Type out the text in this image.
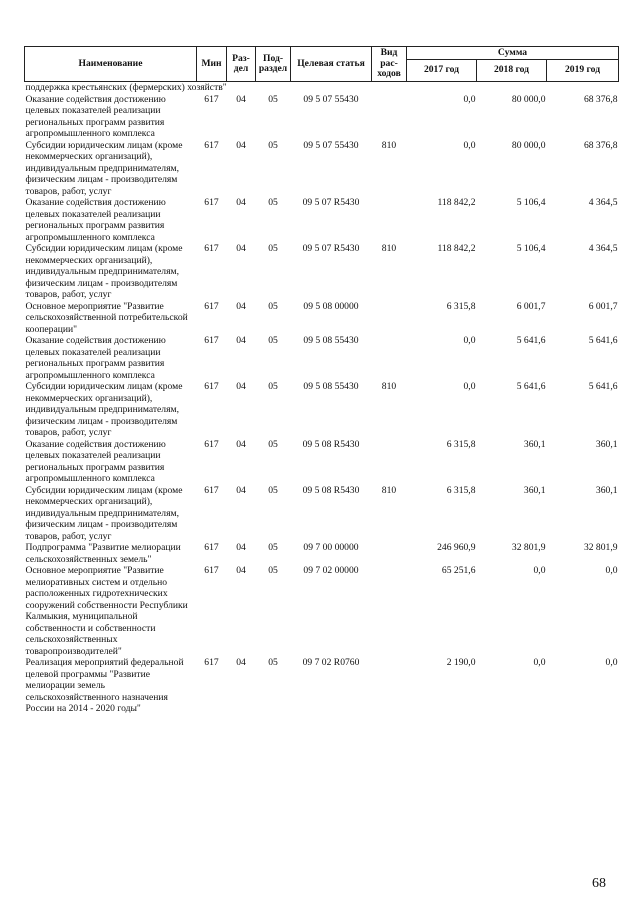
Наименование	Мин	Раз-дел	Под-раздел	Целевая статья	Вид рас-ходов	Сумма		
						2017 год	2018 год	2019 год
поддержка крестьянских (фермерских) хозяйств"								
Оказание содействия достижению целевых показателей реализации региональных программ развития агропромышленного комплекса	617	04	05	09 5 07 55430		0,0	80 000,0	68 376,8
Субсидии юридическим лицам (кроме некоммерческих организаций), индивидуальным предпринимателям, физическим лицам - производителям товаров, работ, услуг	617	04	05	09 5 07 55430	810	0,0	80 000,0	68 376,8
Оказание содействия достижению целевых показателей реализации региональных программ развития агропромышленного комплекса	617	04	05	09 5 07 R5430		118 842,2	5 106,4	4 364,5
Субсидии юридическим лицам (кроме некоммерческих организаций), индивидуальным предпринимателям, физическим лицам - производителям товаров, работ, услуг	617	04	05	09 5 07 R5430	810	118 842,2	5 106,4	4 364,5
Основное мероприятие "Развитие сельскохозяйственной потребительской кооперации"	617	04	05	09 5 08 00000		6 315,8	6 001,7	6 001,7
Оказание содействия достижению целевых показателей реализации региональных программ развития агропромышленного комплекса	617	04	05	09 5 08 55430		0,0	5 641,6	5 641,6
Субсидии юридическим лицам (кроме некоммерческих организаций), индивидуальным предпринимателям, физическим лицам - производителям товаров, работ, услуг	617	04	05	09 5 08 55430	810	0,0	5 641,6	5 641,6
Оказание содействия достижению целевых показателей реализации региональных программ развития агропромышленного комплекса	617	04	05	09 5 08 R5430		6 315,8	360,1	360,1
Субсидии юридическим лицам (кроме некоммерческих организаций), индивидуальным предпринимателям, физическим лицам - производителям товаров, работ, услуг	617	04	05	09 5 08 R5430	810	6 315,8	360,1	360,1
Подпрограмма "Развитие мелиорации сельскохозяйственных земель"	617	04	05	09 7 00 00000		246 960,9	32 801,9	32 801,9
Основное мероприятие "Развитие мелиоративных систем и отдельно расположенных гидротехнических сооружений собственности Республики Калмыкия, муниципальной собственности и собственности сельскохозяйственных товаропроизводителей"	617	04	05	09 7 02 00000		65 251,6	0,0	0,0
Реализация мероприятий федеральной целевой программы "Развитие мелиорации земель сельскохозяйственного назначения России на 2014 - 2020 годы"	617	04	05	09 7 02 R0760		2 190,0	0,0	0,0
68
